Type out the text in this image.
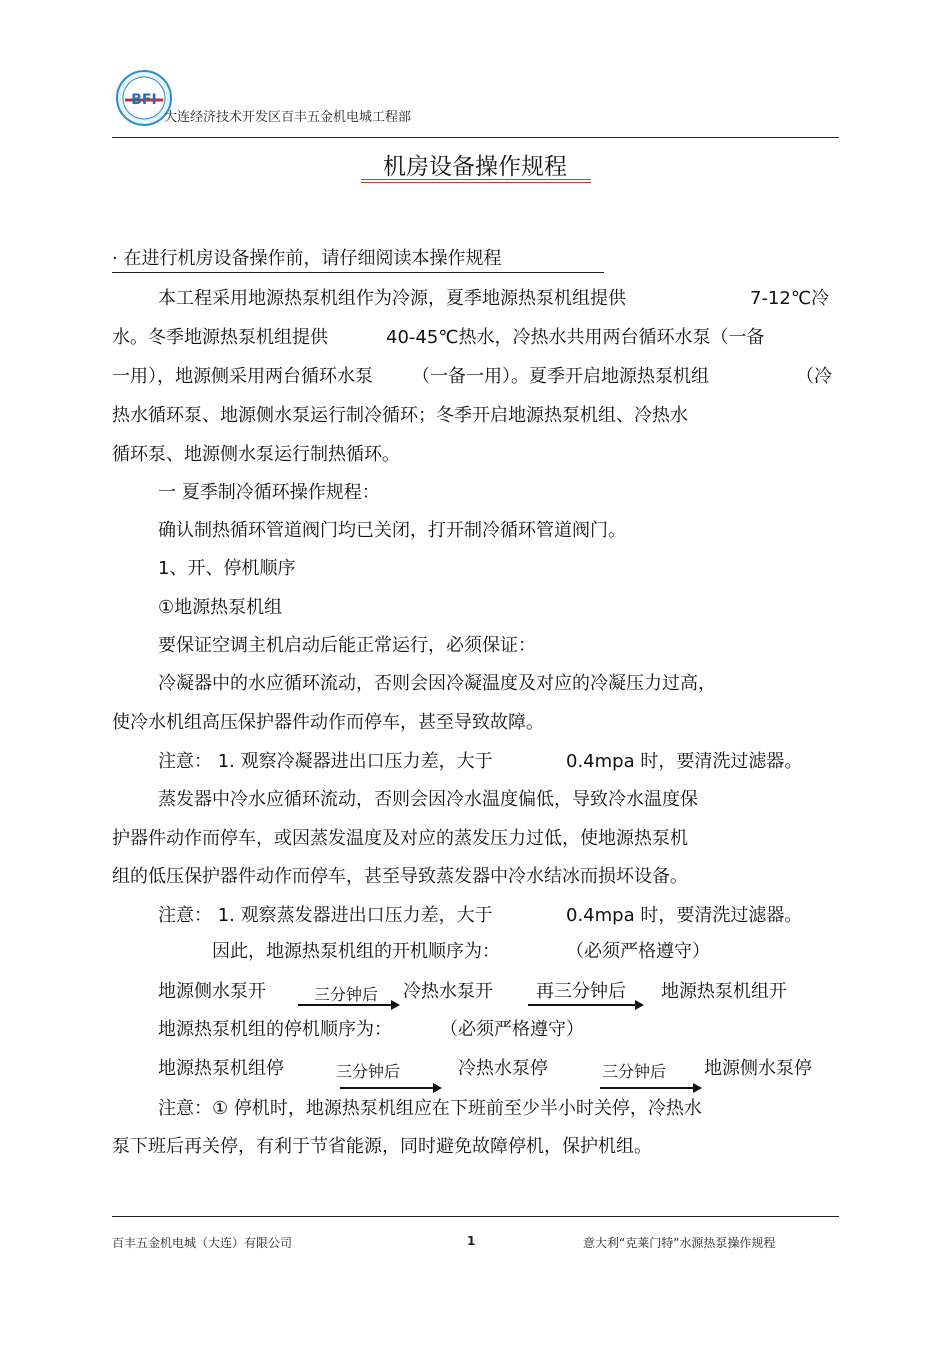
BFI
大连经济技术开发区百丰五金机电城工程部
机房设备操作规程
· 在进行机房设备操作前，请仔细阅读本操作规程
本工程采用地源热泵机组作为冷源，夏季地源热泵机组提供	7-12℃冷
水。冬季地源热泵机组提供	40-45℃热水，冷热水共用两台循环水泵（一备
一用），地源侧采用两台循环水泵 （一备一用）。夏季开启地源热泵机组	（冷
热水循环泵、地源侧水泵运行制冷循环；冬季开启地源热泵机组、冷热水
循环泵、地源侧水泵运行制热循环。
一 夏季制冷循环操作规程：
确认制热循环管道阀门均已关闭，打开制冷循环管道阀门。
1、开、停机顺序
①地源热泵机组
要保证空调主机启动后能正常运行，必须保证：
冷凝器中的水应循环流动，否则会因冷凝温度及对应的冷凝压力过高，
使冷水机组高压保护器件动作而停车，甚至导致故障。
注意： 1. 观察冷凝器进出口压力差，大于	0.4mpa 时，要清洗过滤器。
蒸发器中冷水应循环流动，否则会因冷水温度偏低，导致冷水温度保
护器件动作而停车，或因蒸发温度及对应的蒸发压力过低，使地源热泵机
组的低压保护器件动作而停车，甚至导致蒸发器中冷水结冰而损坏设备。
注意： 1. 观察蒸发器进出口压力差，大于	0.4mpa 时，要清洗过滤器。
因此，地源热泵机组的开机顺序为：	（必须严格遵守）
地源侧水泵开	三分钟后 冷热水泵开 再三分钟后 地源热泵机组开
地源热泵机组的停机顺序为：	（必须严格遵守）
地源热泵机组停	三分钟后	冷热水泵停	三分钟后 地源侧水泵停
注意：① 停机时，地源热泵机组应在下班前至少半小时关停，冷热水
泵下班后再关停，有利于节省能源，同时避免故障停机，保护机组。
百丰五金机电城（大连）有限公司	1	意大利“克莱门特”水源热泵操作规程
